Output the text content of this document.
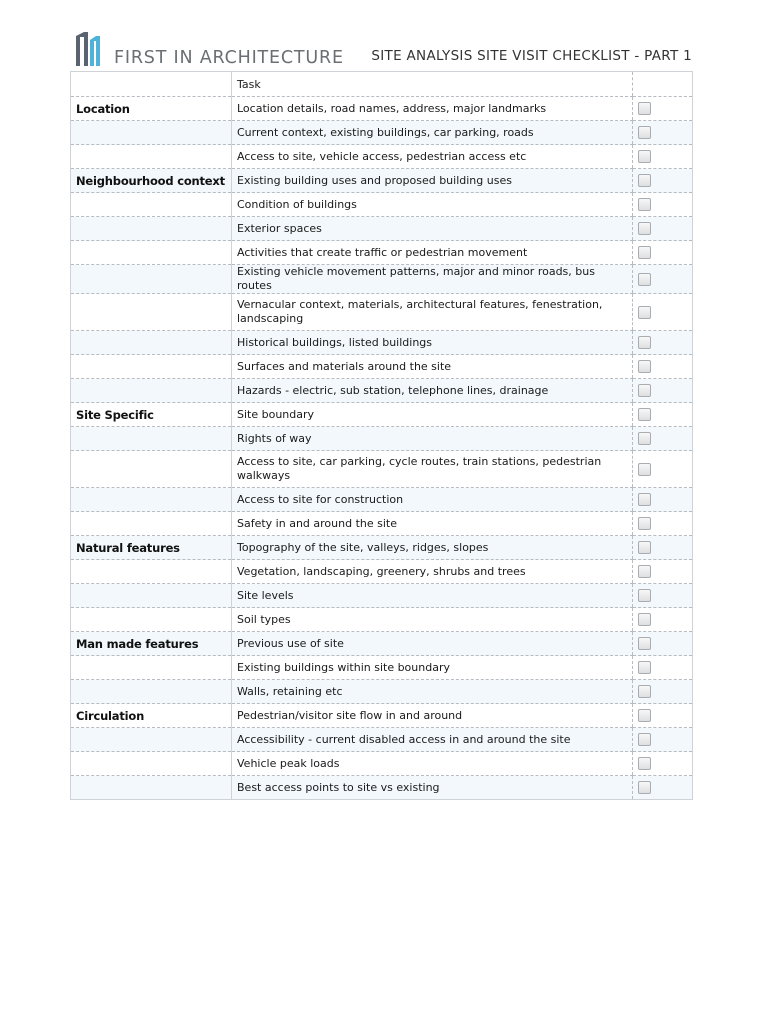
FIRST IN ARCHITECTURE SITE ANALYSIS SITE VISIT CHECKLIST - PART 1
	Task	
Location	Location details, road names, address, major landmarks	
	Current context, existing buildings, car parking, roads	
	Access to site, vehicle access, pedestrian access etc	
Neighbourhood context	Existing building uses and proposed building uses	
	Condition of buildings	
	Exterior spaces	
	Activities that create traffic or pedestrian movement	
	Existing vehicle movement patterns, major and minor roads, bus routes	
	Vernacular context, materials, architectural features, fenestration, landscaping	
	Historical buildings, listed buildings	
	Surfaces and materials around the site	
	Hazards - electric, sub station, telephone lines, drainage	
Site Specific	Site boundary	
	Rights of way	
	Access to site, car parking, cycle routes, train stations, pedestrian walkways	
	Access to site for construction	
	Safety in and around the site	
Natural features	Topography of the site, valleys, ridges, slopes	
	Vegetation, landscaping, greenery, shrubs and trees	
	Site levels	
	Soil types	
Man made features	Previous use of site	
	Existing buildings within site boundary	
	Walls, retaining etc	
Circulation	Pedestrian/visitor site flow in and around	
	Accessibility - current disabled access in and around the site	
	Vehicle peak loads	
	Best access points to site vs existing	
